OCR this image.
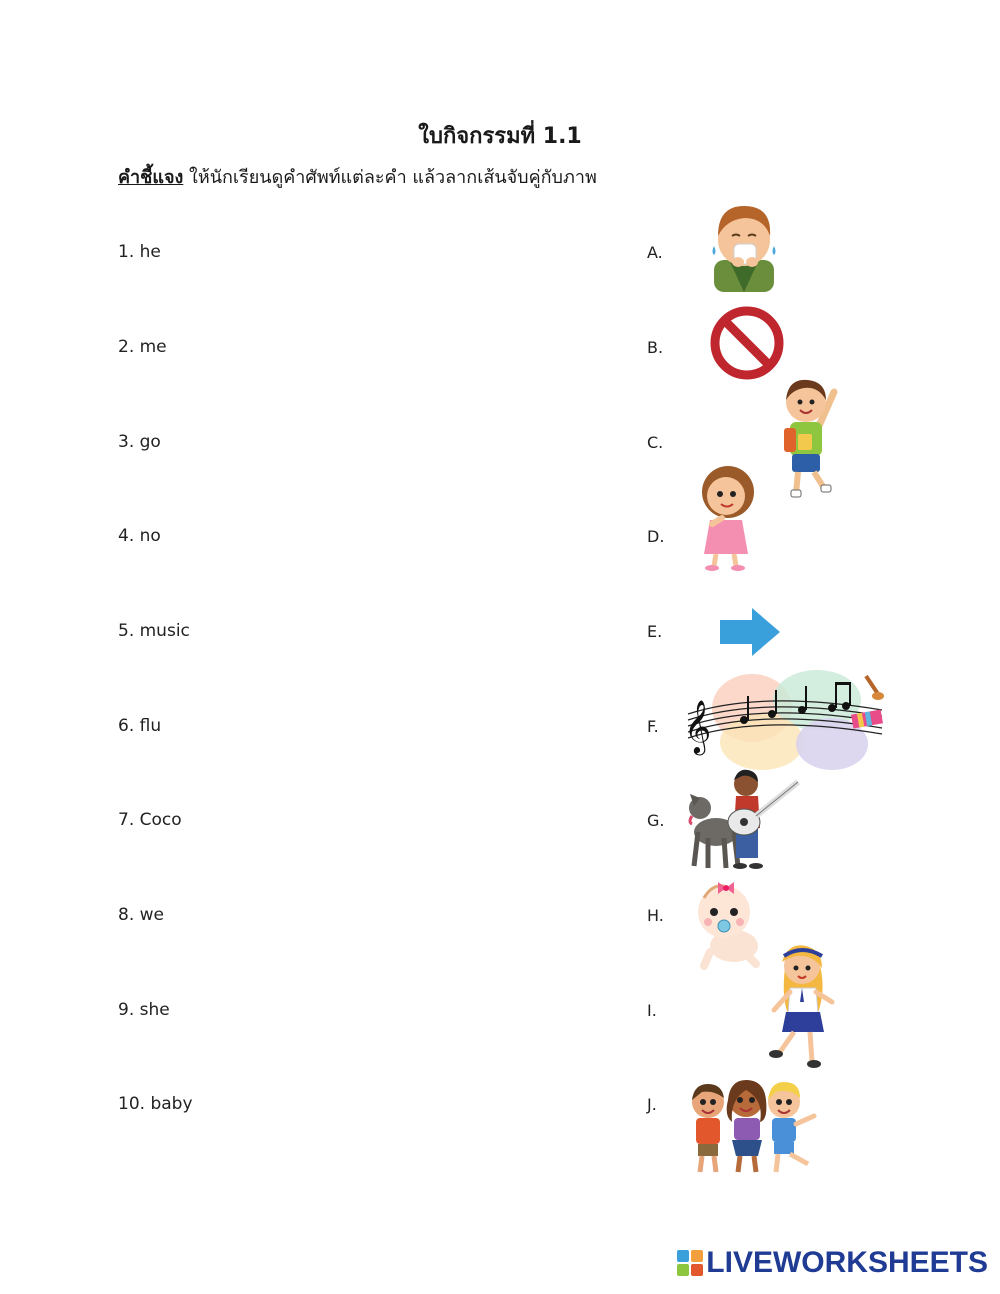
ใบกิจกรรมที่ 1.1
คำชี้แจง ให้นักเรียนดูคำศัพท์แต่ละคำ แล้วลากเส้นจับคู่กับภาพ
1. he
2. me
3. go
4. no
5. music
6. flu
7. Coco
8. we
9. she
10. baby
A.
B.
C.
D.
E.
F.
G.
H.
I.
J.
𝄞
LIVEWORKSHEETS
